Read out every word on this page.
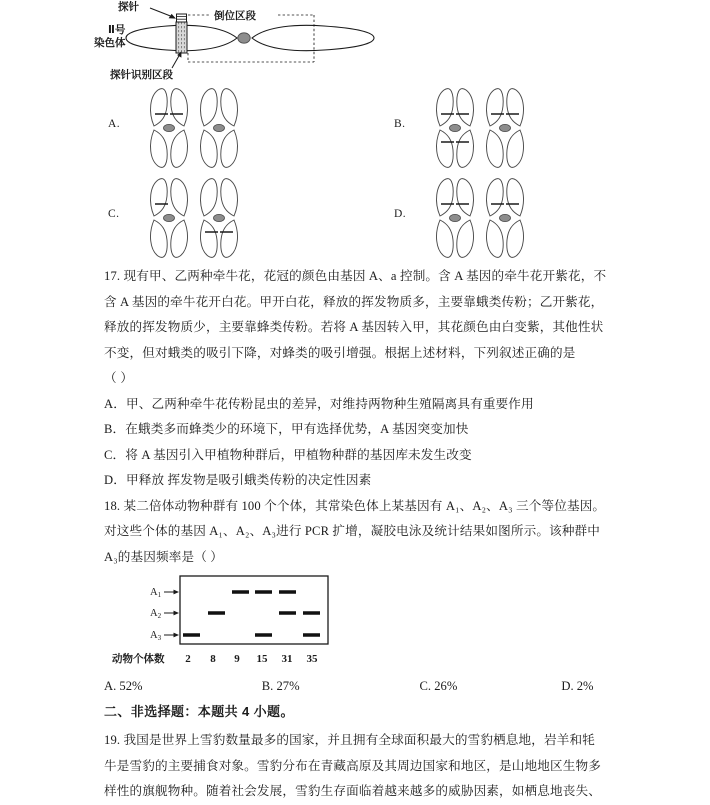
Ⅱ号
染色体
探针
倒位区段
探针识别区段
A.	B.
C.	D.

17. 现有甲、乙两种牵牛花，花冠的颜色由基因 A、a 控制。含 A 基因的牵牛花开紫花，不

含 A 基因的牵牛花开白花。甲开白花，释放的挥发物质多，主要靠蛾类传粉；乙开紫花，

释放的挥发物质少，主要靠蜂类传粉。若将 A 基因转入甲，其花颜色由白变紫，其他性状

不变，但对蛾类的吸引下降，对蜂类的吸引增强。根据上述材料，下列叙述正确的是

（ ）

A．甲、乙两种牵牛花传粉昆虫的差异，对维持两物种生殖隔离具有重要作用

B．在蛾类多而蜂类少的环境下，甲有选择优势，A 基因突变加快

C．将 A 基因引入甲植物种群后，甲植物种群的基因库未发生改变

D．甲释放 挥发物是吸引蛾类传粉的决定性因素

18. 某二倍体动物种群有 100 个个体，其常染色体上某基因有 A₁、A₂、A₃ 三个等位基因。

对这些个体的基因 A₁、A₂、A₃进行 PCR 扩增，凝胶电泳及统计结果如图所示。该种群中

A₃的基因频率是（ ）

A1
A2
A3
动物个体数 2 8 9 15 31 35
A. 52%	B. 27%	C. 26%	D. 2%
二、非选择题：本题共 4 小题。

19. 我国是世界上雪豹数量最多的国家，并且拥有全球面积最大的雪豹栖息地，岩羊和牦

牛是雪豹的主要捕食对象。雪豹分布在青藏高原及其周边国家和地区，是山地地区生物多

样性的旗舰物种。随着社会发展，雪豹生存面临着越来越多的威胁因素，如栖息地丧失、
